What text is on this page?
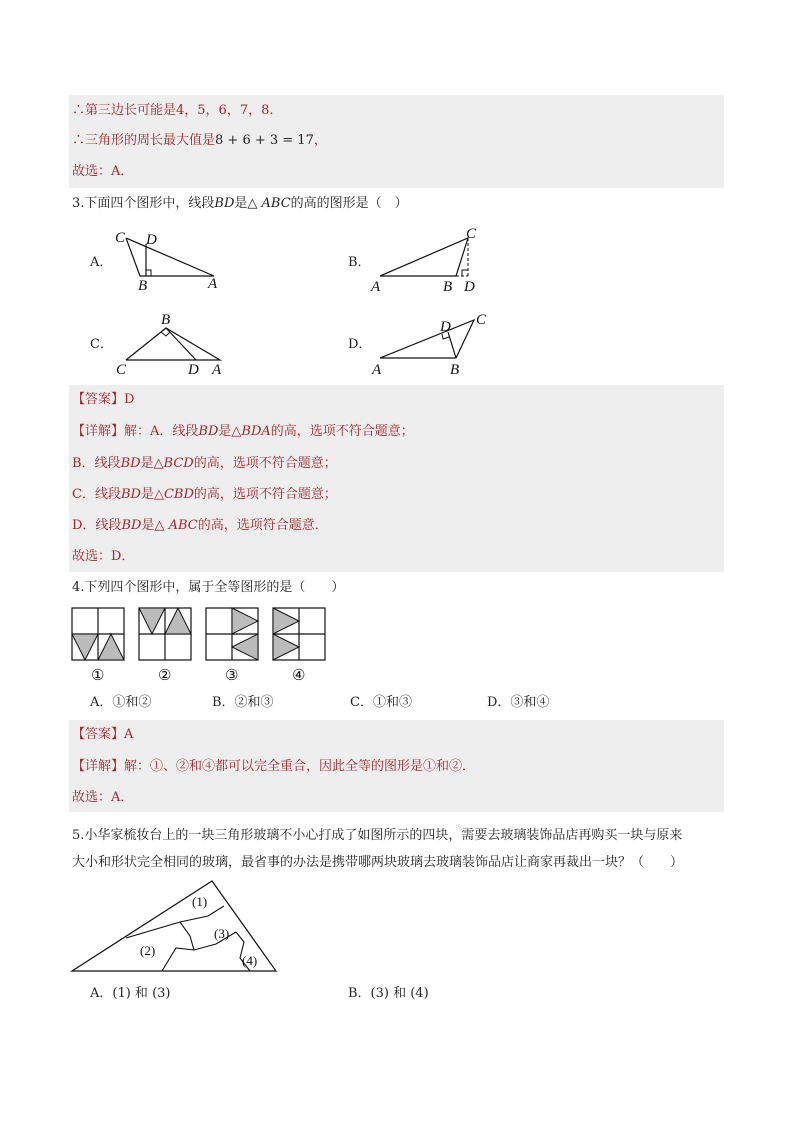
∴第三边长可能是4，5，6，7，8．
∴三角形的周长最大值是8 + 6 + 3 = 17，
故选：A．
3.下面四个图形中，线段BD是△ ABC的高的图形是（　）
A．
C D
B	A
B．
C
A	B D
C．
B
C	D A
D．
D C
A	B
【答案】D
【详解】解：A．线段BD是△BDA的高，选项不符合题意；
B．线段BD是△BCD的高，选项不符合题意；
C．线段BD是△CBD的高，选项不符合题意；
D．线段BD是△ ABC的高，选项符合题意．
故选：D．
4.下列四个图形中，属于全等图形的是（　　）
①	②	③	④
A．①和②	B．②和③	C．①和③	D．③和④
【答案】A
【详解】解：①、②和④都可以完全重合，因此全等的图形是①和②．
故选：A．
5.小华家梳妆台上的一块三角形玻璃不小心打成了如图所示的四块，需要去玻璃装饰品店再购买一块与原来
大小和形状完全相同的玻璃，最省事的办法是携带哪两块玻璃去玻璃装饰品店让商家再裁出一块？（　　）
(1)
(2)
(3)
(4)
A．(1) 和 (3)	B．(3) 和 (4)
